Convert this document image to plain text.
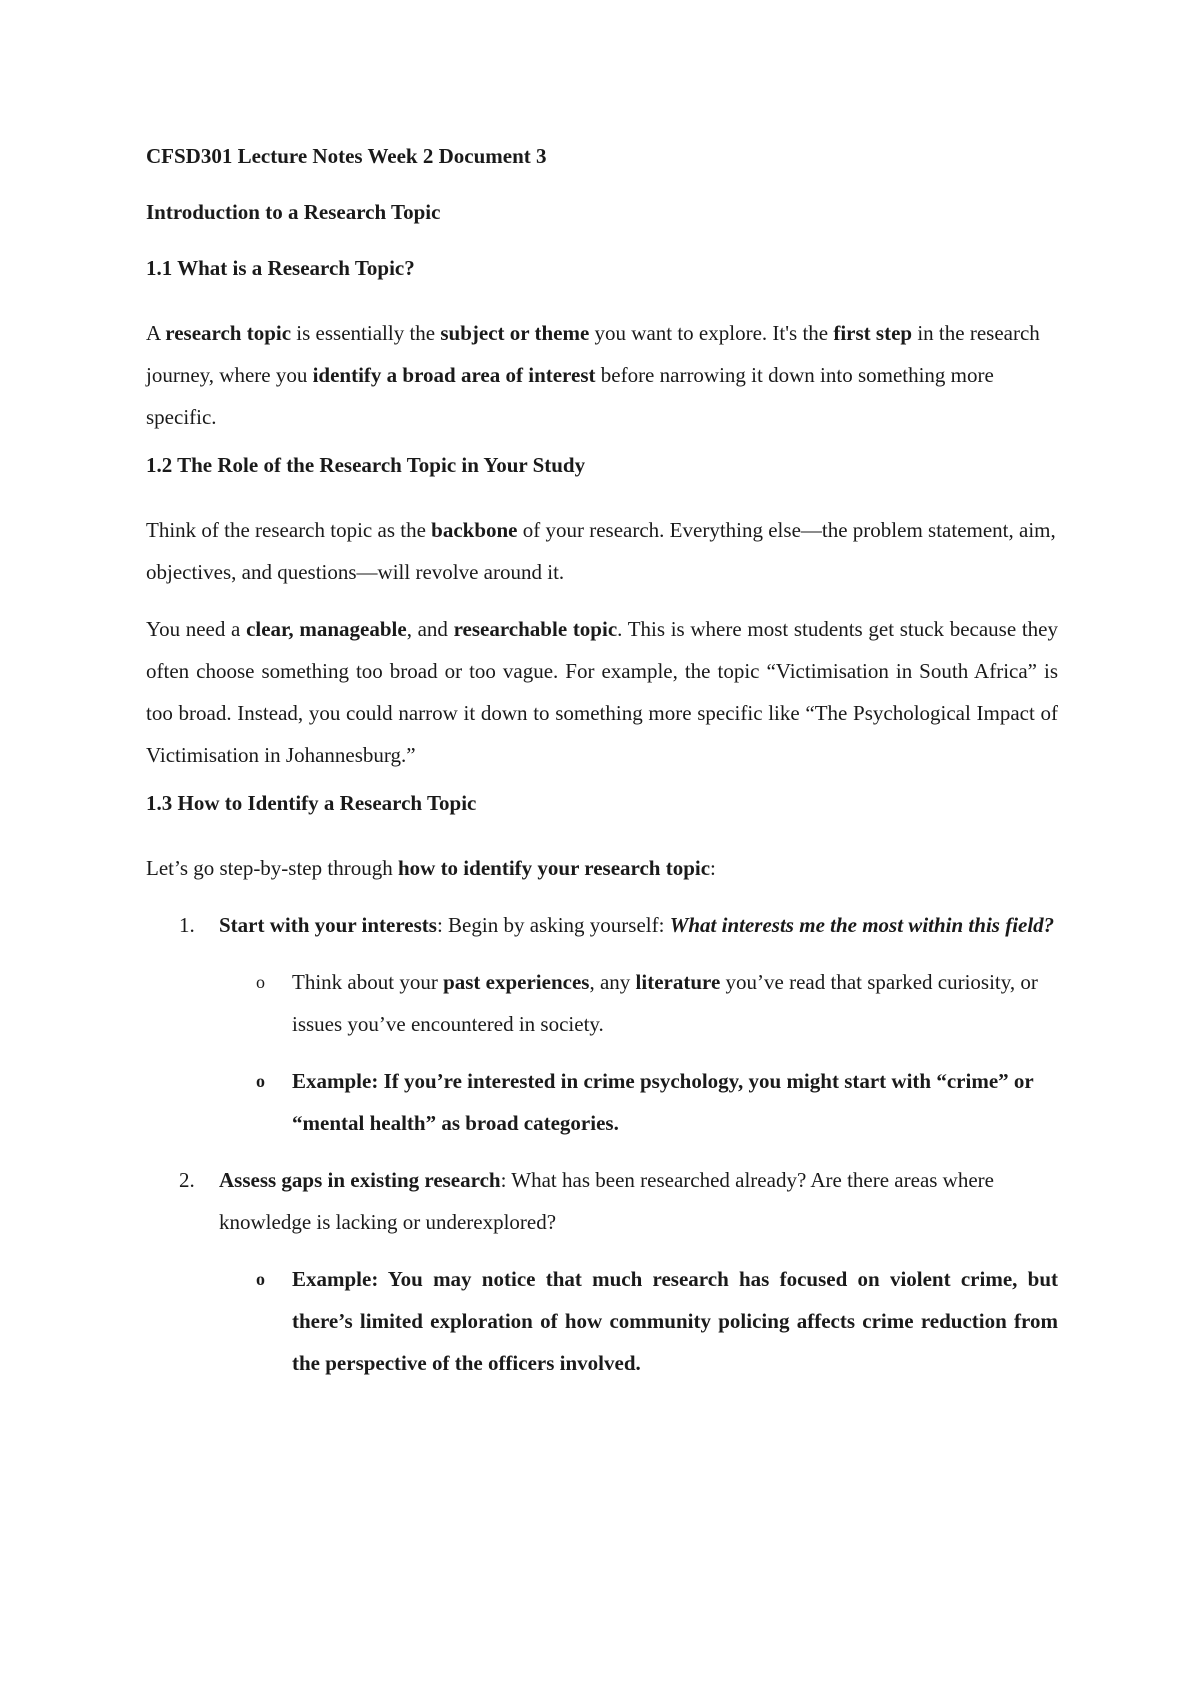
CFSD301 Lecture Notes Week 2 Document 3

Introduction to a Research Topic

1.1 What is a Research Topic?

A research topic is essentially the subject or theme you want to explore. It's the first step in the research journey, where you identify a broad area of interest before narrowing it down into something more specific.

1.2 The Role of the Research Topic in Your Study

Think of the research topic as the backbone of your research. Everything else—the problem statement, aim, objectives, and questions—will revolve around it.

You need a clear, manageable, and researchable topic. This is where most students get stuck because they often choose something too broad or too vague. For example, the topic “Victimisation in South Africa” is too broad. Instead, you could narrow it down to something more specific like “The Psychological Impact of Victimisation in Johannesburg.”

1.3 How to Identify a Research Topic

Let’s go step-by-step through how to identify your research topic:

1. Start with your interests: Begin by asking yourself: What interests me the most within this field?
o Think about your past experiences, any literature you’ve read that sparked curiosity, or issues you’ve encountered in society.
o Example: If you’re interested in crime psychology, you might start with “crime” or “mental health” as broad categories.
2. Assess gaps in existing research: What has been researched already? Are there areas where knowledge is lacking or underexplored?
o Example: You may notice that much research has focused on violent crime, but there’s limited exploration of how community policing affects crime reduction from the perspective of the officers involved.
